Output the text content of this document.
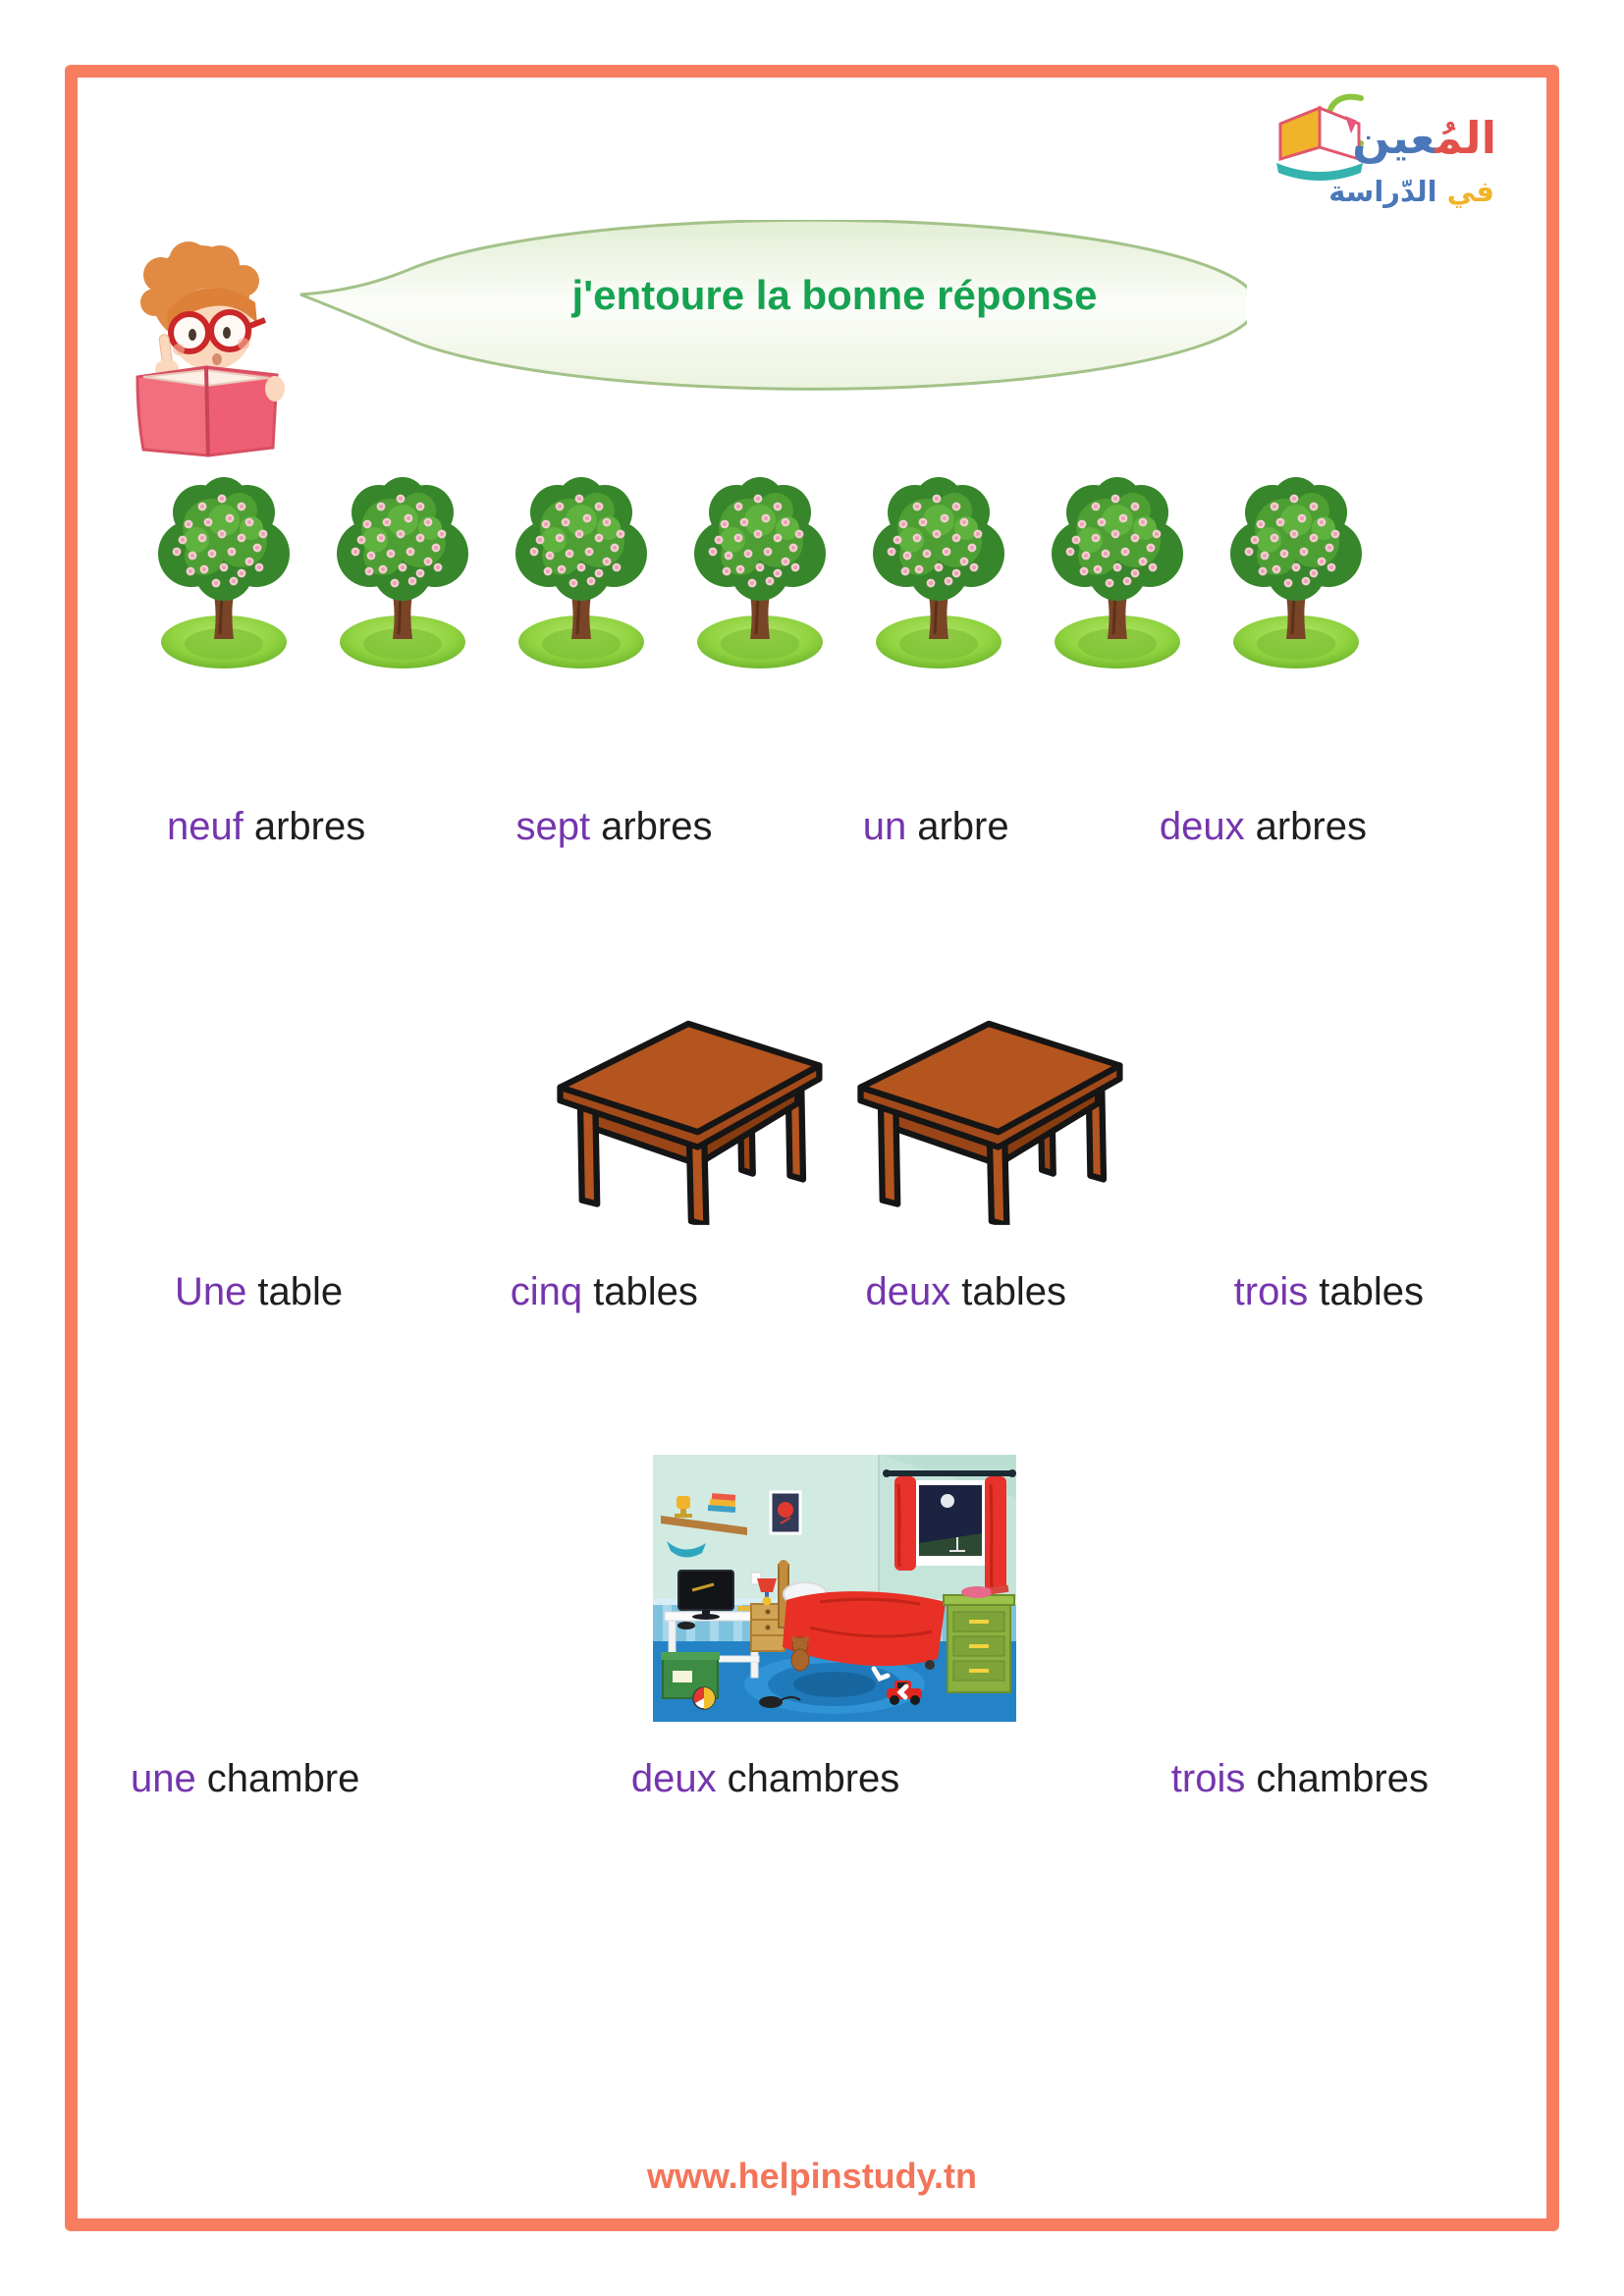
المُعين
في الدّراسة
j'entoure la bonne réponse
neuf arbres	sept arbres	un arbre	deux arbres
Une table	cinq tables	deux tables	trois tables
une chambre	deux chambres	trois chambres
www.helpinstudy.tn
